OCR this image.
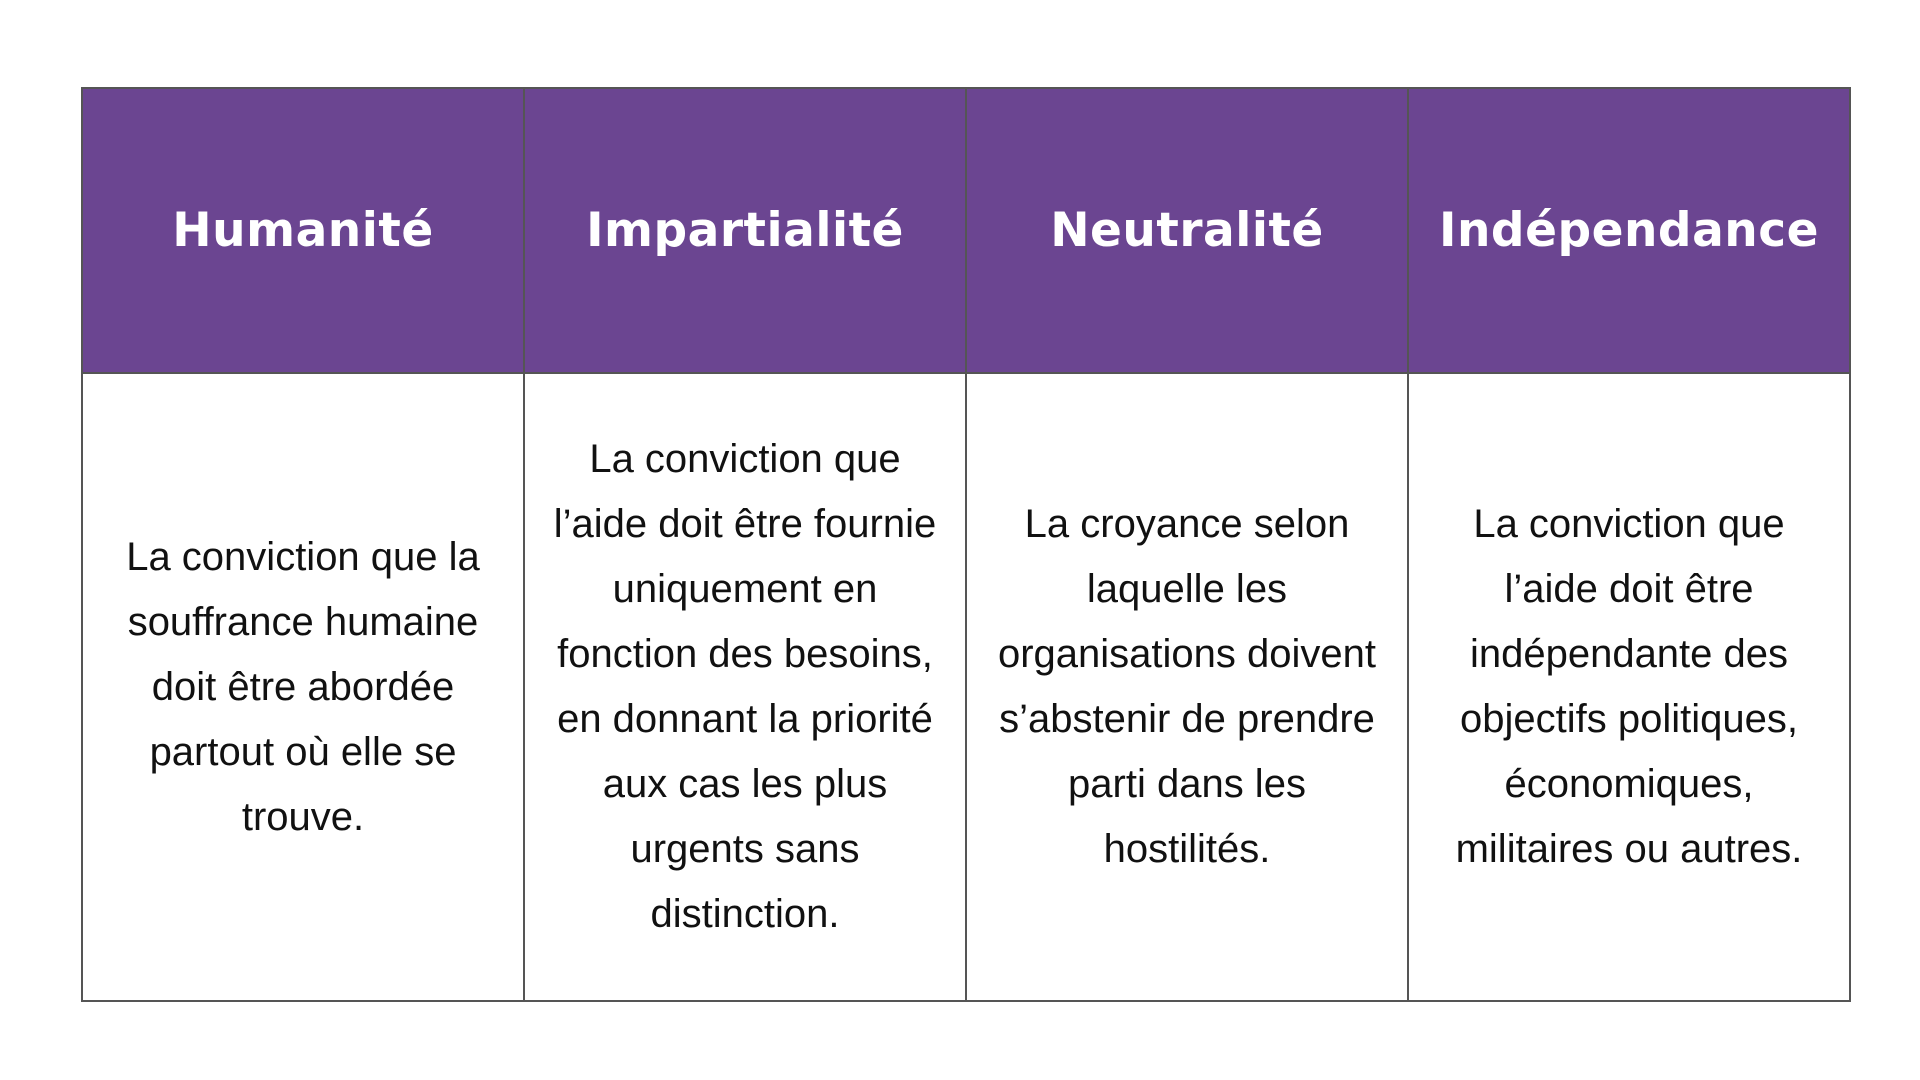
Humanité	Impartialité	Neutralité	Indépendance
La conviction que la souffrance humaine doit être abordée partout où elle se trouve.	La conviction que l’aide doit être fournie uniquement en fonction des besoins, en donnant la priorité aux cas les plus urgents sans distinction.	La croyance selon laquelle les organisations doivent s’abstenir de prendre parti dans les hostilités.	La conviction que l’aide doit être indépendante des objectifs politiques, économiques, militaires ou autres.
